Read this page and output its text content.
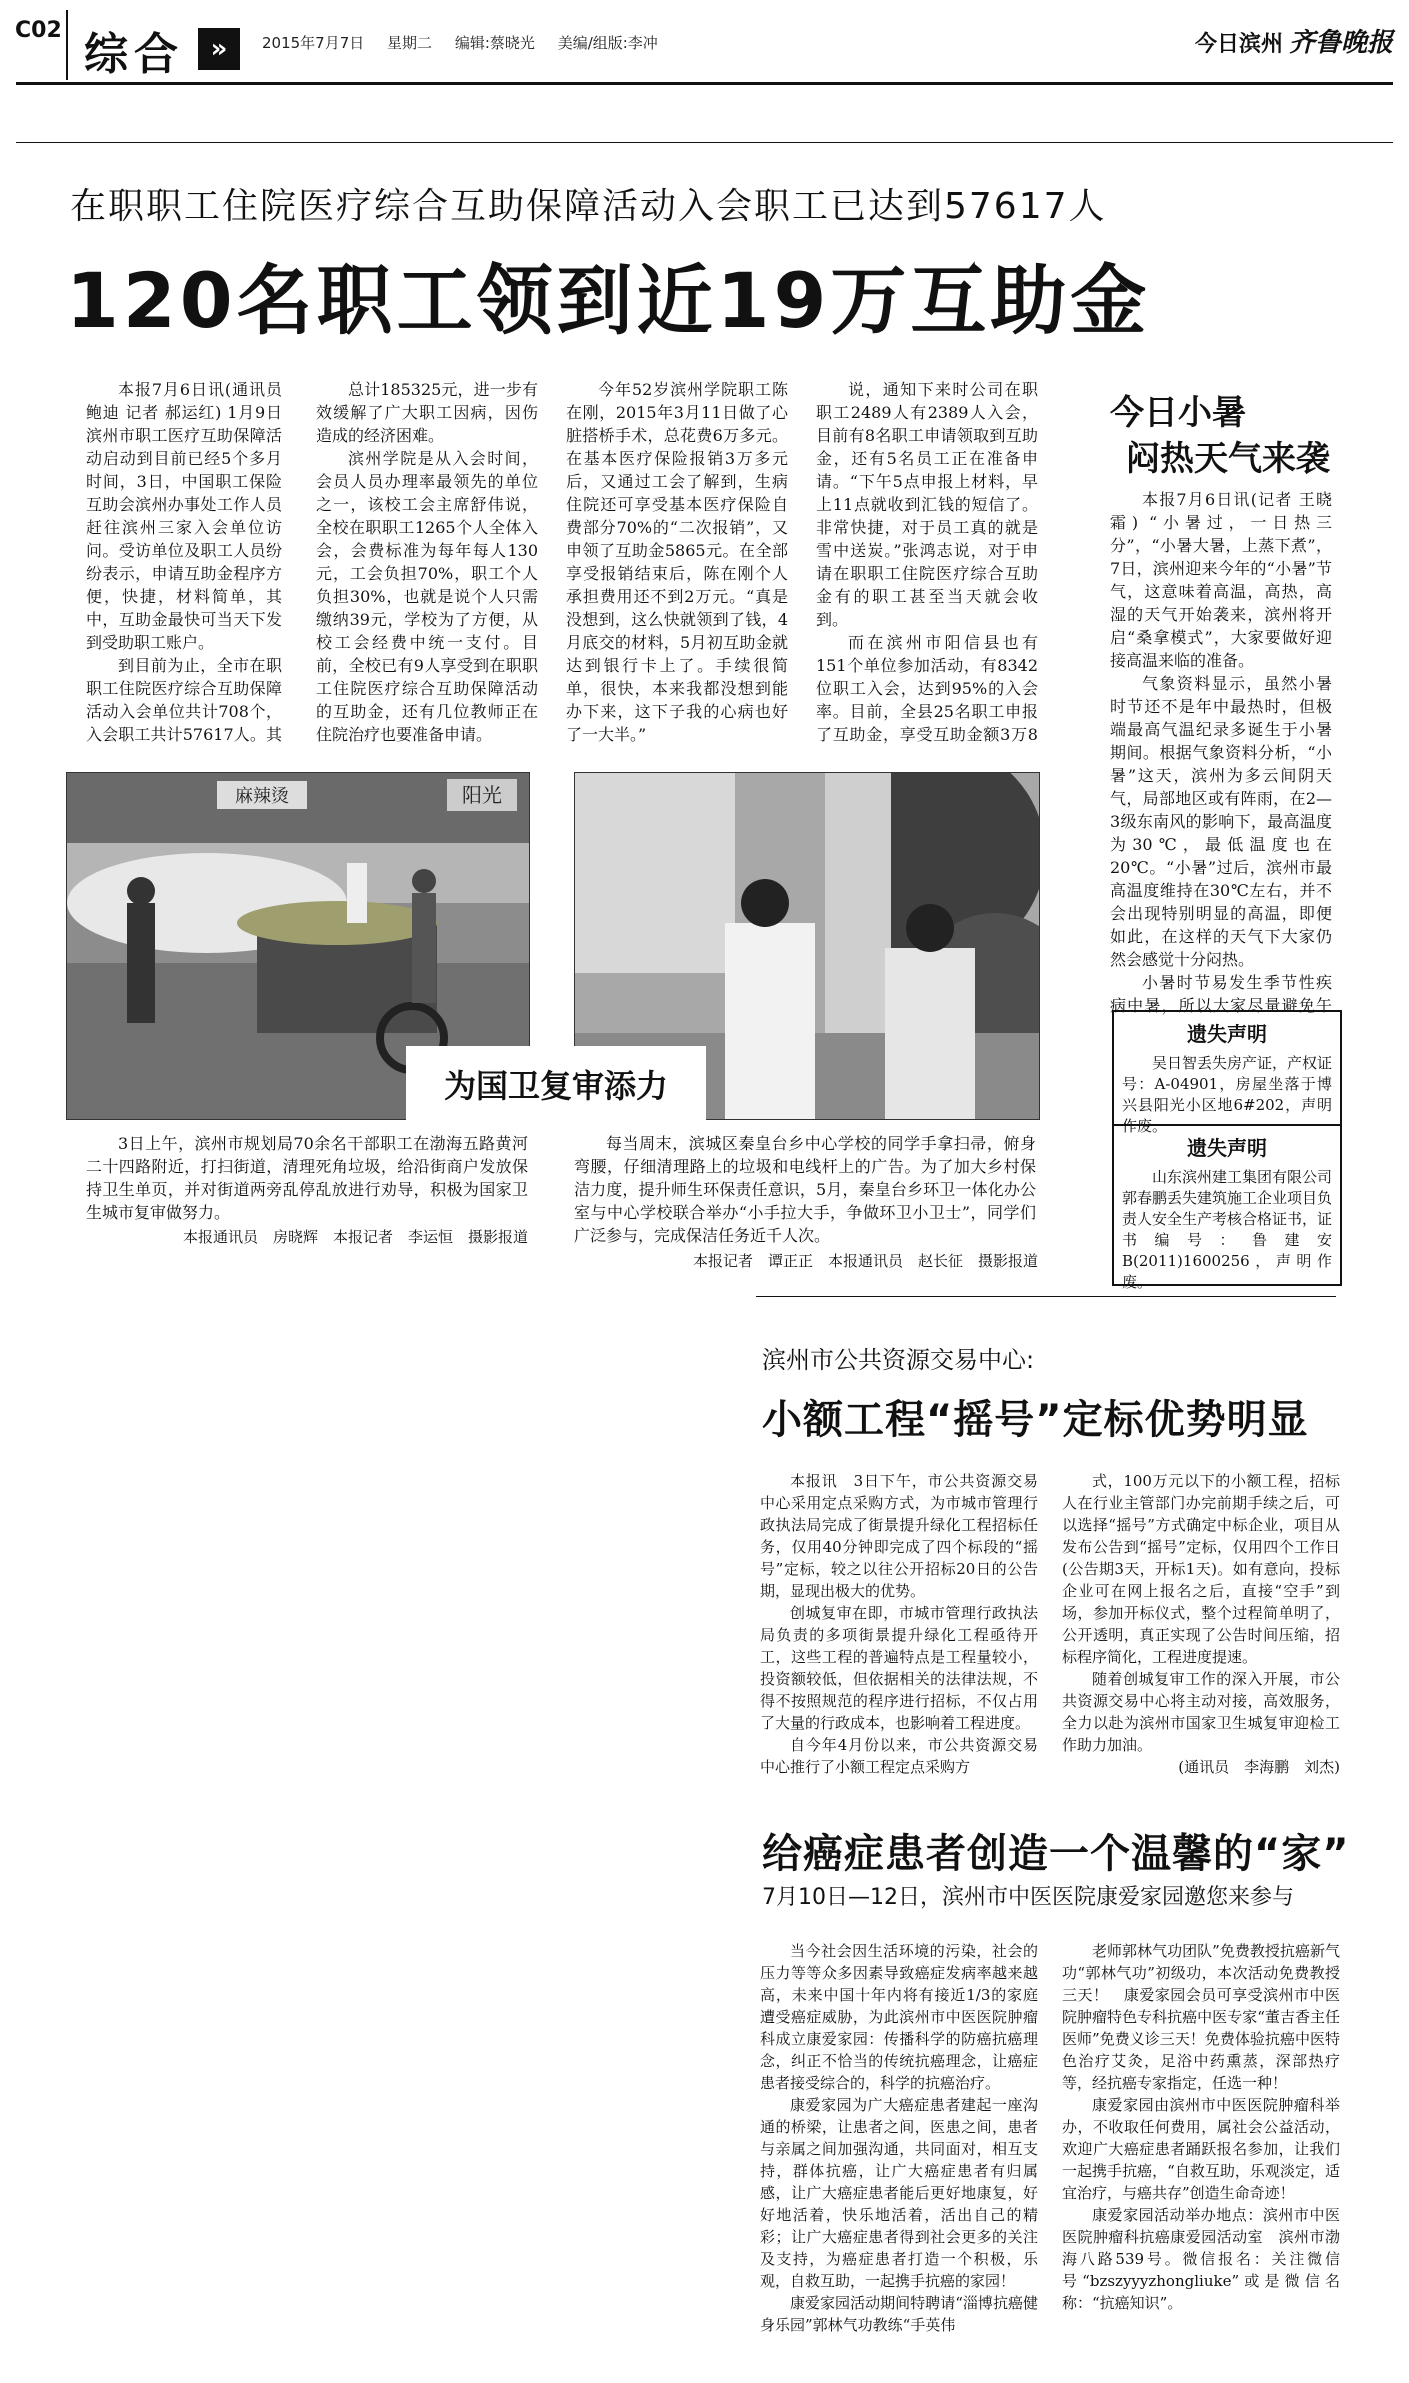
C02 综合	»	2015年7月7日 星期二 编辑:蔡晓光 美编/组版:李冲	今日滨州 齐鲁晚报
在职职工住院医疗综合互助保障活动入会职工已达到57617人
120名职工领到近19万互助金

本报7月6日讯(通讯员 鲍迪 记者 郝运红) 1月9日滨州市职工医疗互助保障活动启动到目前已经5个多月时间，3日，中国职工保险互助会滨州办事处工作人员赶往滨州三家入会单位访问。受访单位及职工人员纷纷表示，申请互助金程序方便，快捷，材料简单，其中，互助金最快可当天下发到受助职工账户。

到目前为止，全市在职职工住院医疗综合互助保障活动入会单位共计708个，入会职工共计57617人。其

总计185325元，进一步有效缓解了广大职工因病，因伤造成的经济困难。

滨州学院是从入会时间，会员人员办理率最领先的单位之一，该校工会主席舒伟说，全校在职职工1265个人全体入会，会费标准为每年每人130元，工会负担70%，职工个人负担30%，也就是说个人只需缴纳39元，学校为了方便，从校工会经费中统一支付。目前，全校已有9人享受到在职职工住院医疗综合互助保障活动的互助金，还有几位教师正在住院治疗也要准备申请。

今年52岁滨州学院职工陈在刚，2015年3月11日做了心脏搭桥手术，总花费6万多元。在基本医疗保险报销3万多元后，又通过工会了解到，生病住院还可享受基本医疗保险自费部分70%的“二次报销”，又申领了互助金5865元。在全部享受报销结束后，陈在刚个人承担费用还不到2万元。“真是没想到，这么快就领到了钱，4月底交的材料，5月初互助金就达到银行卡上了。手续很简单，很快，本来我都没想到能办下来，这下子我的心病也好了一大半。”

说，通知下来时公司在职职工2489人有2389人入会，目前有8名职工申请领取到互助金，还有5名员工正在准备申请。“下午5点申报上材料，早上11点就收到汇钱的短信了。非常快捷，对于员工真的就是雪中送炭。”张鸿志说，对于申请在职职工住院医疗综合互助金有的职工甚至当天就会收到。

而在滨州市阳信县也有151个单位参加活动，有8342位职工入会，达到95%的入会率。目前，全县25名职工申报了互助金，享受互助金额3万8

今日小暑
闷热天气来袭

本报7月6日讯(记者 王晓霜) “小暑过，一日热三分”，“小暑大暑，上蒸下煮”，7日，滨州迎来今年的“小暑”节气，这意味着高温，高热，高湿的天气开始袭来，滨州将开启“桑拿模式”，大家要做好迎接高温来临的准备。

气象资料显示，虽然小暑时节还不是年中最热时，但极端最高气温纪录多诞生于小暑期间。根据气象资料分析，“小暑”这天，滨州为多云间阴天气，局部地区或有阵雨，在2—3级东南风的影响下，最高温度为30℃，最低温度也在20℃。“小暑”过后，滨州市最高温度维持在30℃左右，并不会出现特别明显的高温，即便如此，在这样的天气下大家仍然会感觉十分闷热。

小暑时节易发生季节性疾病中暑，所以大家尽量避免午

遗失声明
吴日智丢失房产证，产权证号：A-04901，房屋坐落于博兴县阳光小区地6#202，声明作废。
遗失声明
山东滨州建工集团有限公司郭春鹏丢失建筑施工企业项目负责人安全生产考核合格证书，证书编号：鲁建安B(2011)1600256，声明作废。
麻辣烫	阳光
为国卫复审添力

3日上午，滨州市规划局70余名干部职工在渤海五路黄河二十四路附近，打扫街道，清理死角垃圾，给沿街商户发放保持卫生单页，并对街道两旁乱停乱放进行劝导，积极为国家卫生城市复审做努力。

本报通讯员　房晓辉　本报记者　李运恒　摄影报道

每当周末，滨城区秦皇台乡中心学校的同学手拿扫帚，俯身弯腰，仔细清理路上的垃圾和电线杆上的广告。为了加大乡村保洁力度，提升师生环保责任意识，5月，秦皇台乡环卫一体化办公室与中心学校联合举办“小手拉大手，争做环卫小卫士”，同学们广泛参与，完成保洁任务近千人次。

本报记者　谭正正　本报通讯员　赵长征　摄影报道
滨州市公共资源交易中心:
小额工程“摇号”定标优势明显

本报讯　3日下午，市公共资源交易中心采用定点采购方式，为市城市管理行政执法局完成了街景提升绿化工程招标任务，仅用40分钟即完成了四个标段的“摇号”定标，较之以往公开招标20日的公告期，显现出极大的优势。

创城复审在即，市城市管理行政执法局负责的多项街景提升绿化工程亟待开工，这些工程的普遍特点是工程量较小，投资额较低，但依据相关的法律法规，不得不按照规范的程序进行招标，不仅占用了大量的行政成本，也影响着工程进度。

自今年4月份以来，市公共资源交易中心推行了小额工程定点采购方

式，100万元以下的小额工程，招标人在行业主管部门办完前期手续之后，可以选择“摇号”方式确定中标企业，项目从发布公告到“摇号”定标，仅用四个工作日(公告期3天，开标1天)。如有意向，投标企业可在网上报名之后，直接“空手”到场，参加开标仪式，整个过程简单明了，公开透明，真正实现了公告时间压缩，招标程序简化，工程进度提速。

随着创城复审工作的深入开展，市公共资源交易中心将主动对接，高效服务，全力以赴为滨州市国家卫生城复审迎检工作助力加油。

(通讯员　李海鹏　刘杰)

给癌症患者创造一个温馨的“家”
7月10日—12日，滨州市中医医院康爱家园邀您来参与

当今社会因生活环境的污染，社会的压力等等众多因素导致癌症发病率越来越高，未来中国十年内将有接近1/3的家庭遭受癌症威胁，为此滨州市中医医院肿瘤科成立康爱家园：传播科学的防癌抗癌理念，纠正不恰当的传统抗癌理念，让癌症患者接受综合的，科学的抗癌治疗。

康爱家园为广大癌症患者建起一座沟通的桥梁，让患者之间，医患之间，患者与亲属之间加强沟通，共同面对，相互支持，群体抗癌，让广大癌症患者有归属感，让广大癌症患者能后更好地康复，好好地活着，快乐地活着，活出自己的精彩；让广大癌症患者得到社会更多的关注及支持，为癌症患者打造一个积极，乐观，自救互助，一起携手抗癌的家园！

康爱家园活动期间特聘请“淄博抗癌健身乐园”郭林气功教练“手英伟

老师郭林气功团队”免费教授抗癌新气功“郭林气功”初级功，本次活动免费教授三天！　康爱家园会员可享受滨州市中医院肿瘤特色专科抗癌中医专家“董吉香主任医师”免费义诊三天！免费体验抗癌中医特色治疗艾灸，足浴中药熏蒸，深部热疗等，经抗癌专家指定，任选一种！

康爱家园由滨州市中医医院肿瘤科举办，不收取任何费用，属社会公益活动，欢迎广大癌症患者踊跃报名参加，让我们一起携手抗癌，“自救互助，乐观淡定，适宜治疗，与癌共存”创造生命奇迹！

康爱家园活动举办地点：滨州市中医医院肿瘤科抗癌康爱园活动室　滨州市渤海八路539号。微信报名：关注微信号“bzszyyyzhongliuke”或是微信名称：“抗癌知识”。
